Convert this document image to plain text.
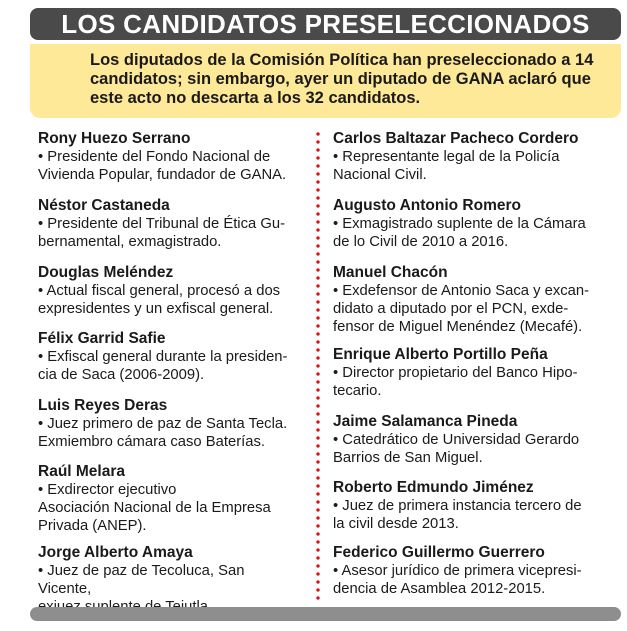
LOS CANDIDATOS PRESELECCIONADOS
Los diputados de la Comisión Política han preseleccionado a 14
candidatos; sin embargo, ayer un diputado de GANA aclaró que
este acto no descarta a los 32 candidatos.

Rony Huezo Serrano

• Presidente del Fondo Nacional de
Vivienda Popular, fundador de GANA.

Néstor Castaneda

• Presidente del Tribunal de Ética Gu-
bernamental, exmagistrado.

Douglas Meléndez

• Actual fiscal general, procesó a dos
expresidentes y un exfiscal general.

Félix Garrid Safie

• Exfiscal general durante la presiden-
cia de Saca (2006-2009).

Luis Reyes Deras

• Juez primero de paz de Santa Tecla.
Exmiembro cámara caso Baterías.

Raúl Melara

• Exdirector ejecutivo
Asociación Nacional de la Empresa
Privada (ANEP).

Jorge Alberto Amaya

• Juez de paz de Tecoluca, San Vicente,

Carlos Baltazar Pacheco Cordero

• Representante legal de la Policía
Nacional Civil.

Augusto Antonio Romero

• Exmagistrado suplente de la Cámara
de lo Civil de 2010 a 2016.

Manuel Chacón

• Exdefensor de Antonio Saca y excan-
didato a diputado por el PCN, exde-
fensor de Miguel Menéndez (Mecafé).

Enrique Alberto Portillo Peña

• Director propietario del Banco Hipo-
tecario.

Jaime Salamanca Pineda

• Catedrático de Universidad Gerardo
Barrios de San Miguel.

Roberto Edmundo Jiménez

• Juez de primera instancia tercero de
la civil desde 2013.

Federico Guillermo Guerrero

• Asesor jurídico de primera vicepresi-
dencia de Asamblea 2012-2015.
